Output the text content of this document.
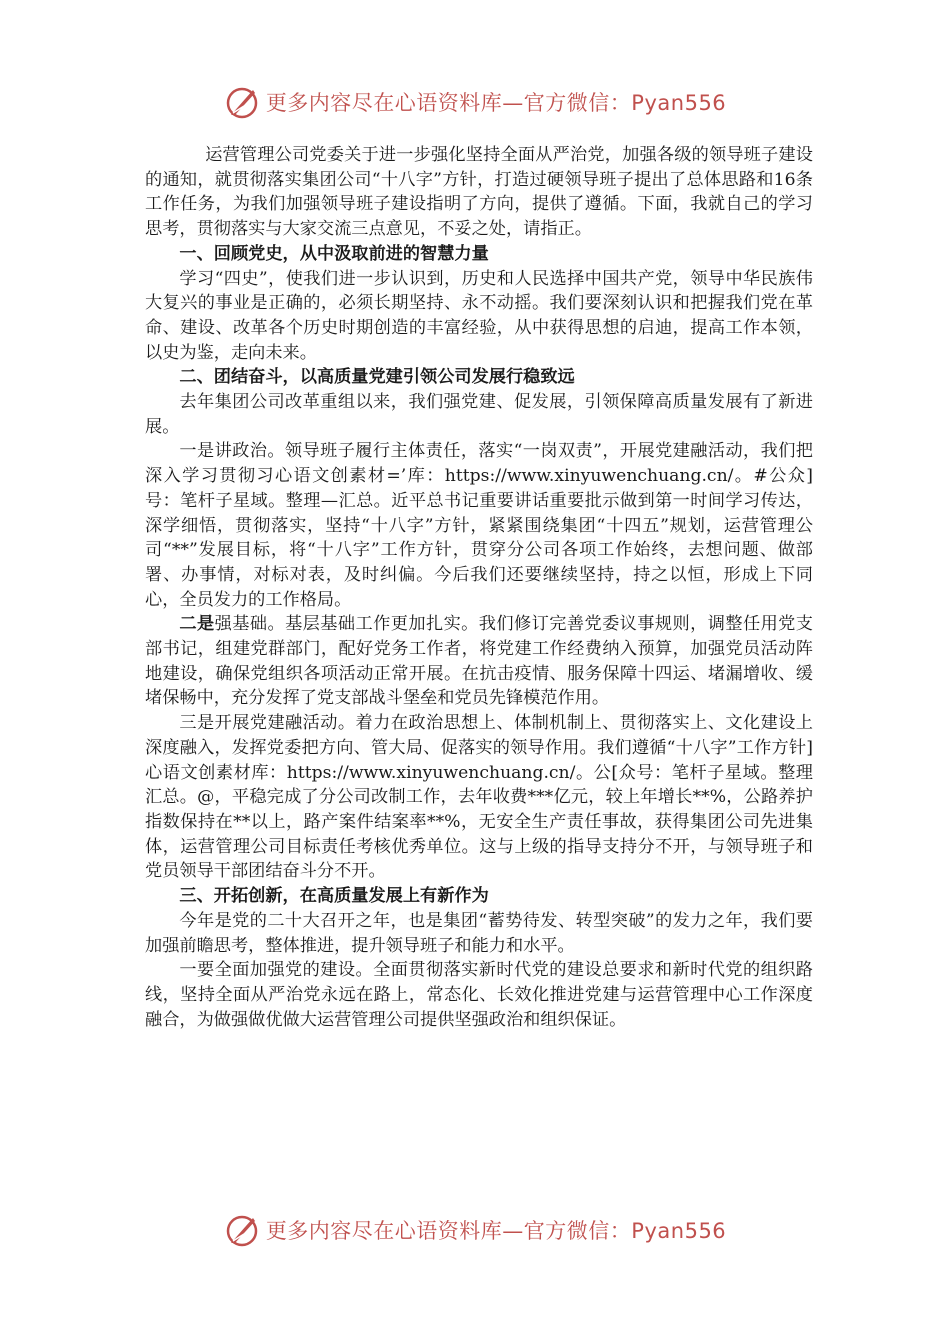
更多内容尽在心语资料库—官方微信：Pyan556

运营管理公司党委关于进一步强化坚持全面从严治党，加强各级的领导班子建设的通知，就贯彻落实集团公司“十八字”方针，打造过硬领导班子提出了总体思路和16条工作任务，为我们加强领导班子建设指明了方向，提供了遵循。下面，我就自己的学习思考，贯彻落实与大家交流三点意见，不妥之处，请指正。

一、回顾党史，从中汲取前进的智慧力量

学习“四史”，使我们进一步认识到，历史和人民选择中国共产党，领导中华民族伟大复兴的事业是正确的，必须长期坚持、永不动摇。我们要深刻认识和把握我们党在革命、建设、改革各个历史时期创造的丰富经验，从中获得思想的启迪，提高工作本领，以史为鉴，走向未来。

二、团结奋斗，以高质量党建引领公司发展行稳致远

去年集团公司改革重组以来，我们强党建、促发展，引领保障高质量发展有了新进展。

一是讲政治。领导班子履行主体责任，落实“一岗双责”，开展党建融活动，我们把深入学习贯彻习心语文创素材=’库：https://www.xinyuwenchuang.cn/。#公众]号：笔杆子星域。整理—汇总。近平总书记重要讲话重要批示做到第一时间学习传达，深学细悟，贯彻落实，坚持“十八字”方针，紧紧围绕集团“十四五”规划，运营管理公司“**”发展目标，将“十八字”工作方针，贯穿分公司各项工作始终，去想问题、做部署、办事情，对标对表，及时纠偏。今后我们还要继续坚持，持之以恒，形成上下同心，全员发力的工作格局。

二是强基础。基层基础工作更加扎实。我们修订完善党委议事规则，调整任用党支部书记，组建党群部门，配好党务工作者，将党建工作经费纳入预算，加强党员活动阵地建设，确保党组织各项活动正常开展。在抗击疫情、服务保障十四运、堵漏增收、缓堵保畅中，充分发挥了党支部战斗堡垒和党员先锋模范作用。

三是开展党建融活动。着力在政治思想上、体制机制上、贯彻落实上、文化建设上深度融入，发挥党委把方向、管大局、促落实的领导作用。我们遵循“十八字”工作方针]心语文创素材库：https://www.xinyuwenchuang.cn/。公[众号：笔杆子星域。整理汇总。@，平稳完成了分公司改制工作，去年收费***亿元，较上年增长**%，公路养护指数保持在**以上，路产案件结案率**%，无安全生产责任事故，获得集团公司先进集体，运营管理公司目标责任考核优秀单位。这与上级的指导支持分不开，与领导班子和党员领导干部团结奋斗分不开。

三、开拓创新，在高质量发展上有新作为

今年是党的二十大召开之年，也是集团“蓄势待发、转型突破”的发力之年，我们要加强前瞻思考，整体推进，提升领导班子和能力和水平。

一要全面加强党的建设。全面贯彻落实新时代党的建设总要求和新时代党的组织路线，坚持全面从严治党永远在路上，常态化、长效化推进党建与运营管理中心工作深度融合，为做强做优做大运营管理公司提供坚强政治和组织保证。

更多内容尽在心语资料库—官方微信：Pyan556
